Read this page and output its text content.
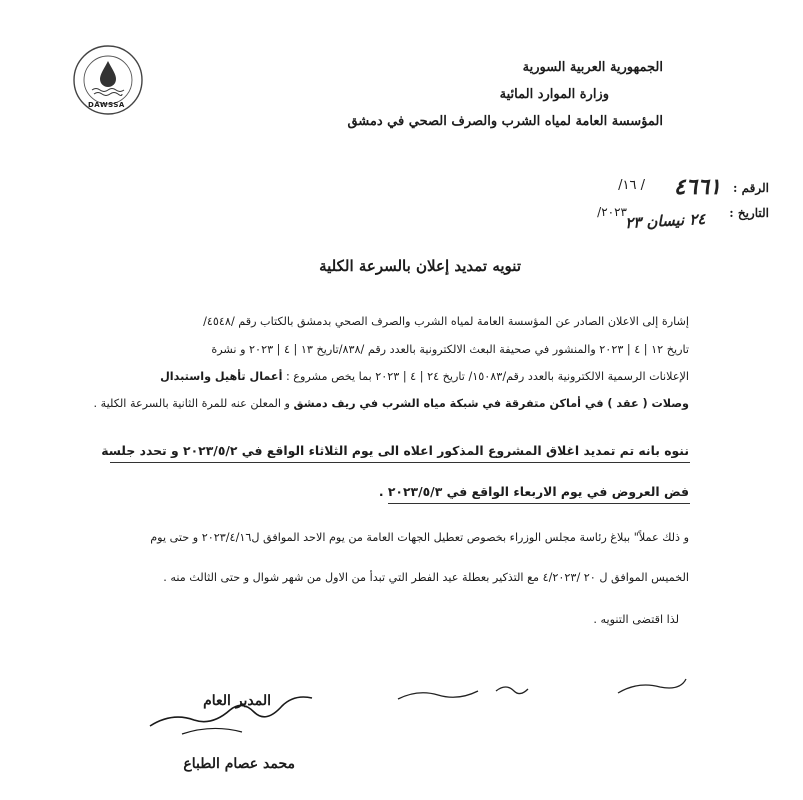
DAWSSA
الجمهورية العربية السورية
وزارة الموارد المائية
المؤسسة العامة لمياه الشرب والصرف الصحي في دمشق
الرقم :
٤٦٦١
/ ١٦/
التاريخ :
٢٤ نيسان ٢٣
٢٠٢٣/
تنويه تمديد إعلان بالسرعة الكلية
إشارة إلى الاعلان الصادر عن المؤسسة العامة لمياه الشرب والصرف الصحي بدمشق بالكتاب رقم /٤٥٤٨/
تاريخ ١٢ | ٤ | ٢٠٢٣ والمنشور في صحيفة البعث الالكترونية بالعدد رقم /٨٣٨/تاريخ ١٣ | ٤ | ٢٠٢٣ و نشرة
الإعلانات الرسمية الالكترونية بالعدد رقم/١٥٠٨٣/ تاريخ ٢٤ | ٤ | ٢٠٢٣ بما يخص مشروع : أعمال تأهيل واستبدال
وصلات ( عقد ) في أماكن متفرقة في شبكة مياه الشرب في ريف دمشق و المعلن عنه للمرة الثانية بالسرعة الكلية .
ننوه بانه تم تمديد اغلاق المشروع المذكور اعلاه الى يوم الثلاثاء الواقع في ٢٠٢٣/٥/٢ و تحدد جلسة
فض العروض في يوم الاربعاء الواقع في ٢٠٢٣/٥/٣ .
و ذلك عملاً" ببلاغ رئاسة مجلس الوزراء بخصوص تعطيل الجهات العامة من يوم الاحد الموافق ل٢٠٢٣/٤/١٦ و حتى يوم
الخميس الموافق ل ٢٠ /٤/٢٠٢٣ مع التذكير بعطلة عيد الفطر التي تبدأ من الاول من شهر شوال و حتى الثالث منه .
لذا اقتضى التنويه .
المدير العام
محمد عصام الطباع
